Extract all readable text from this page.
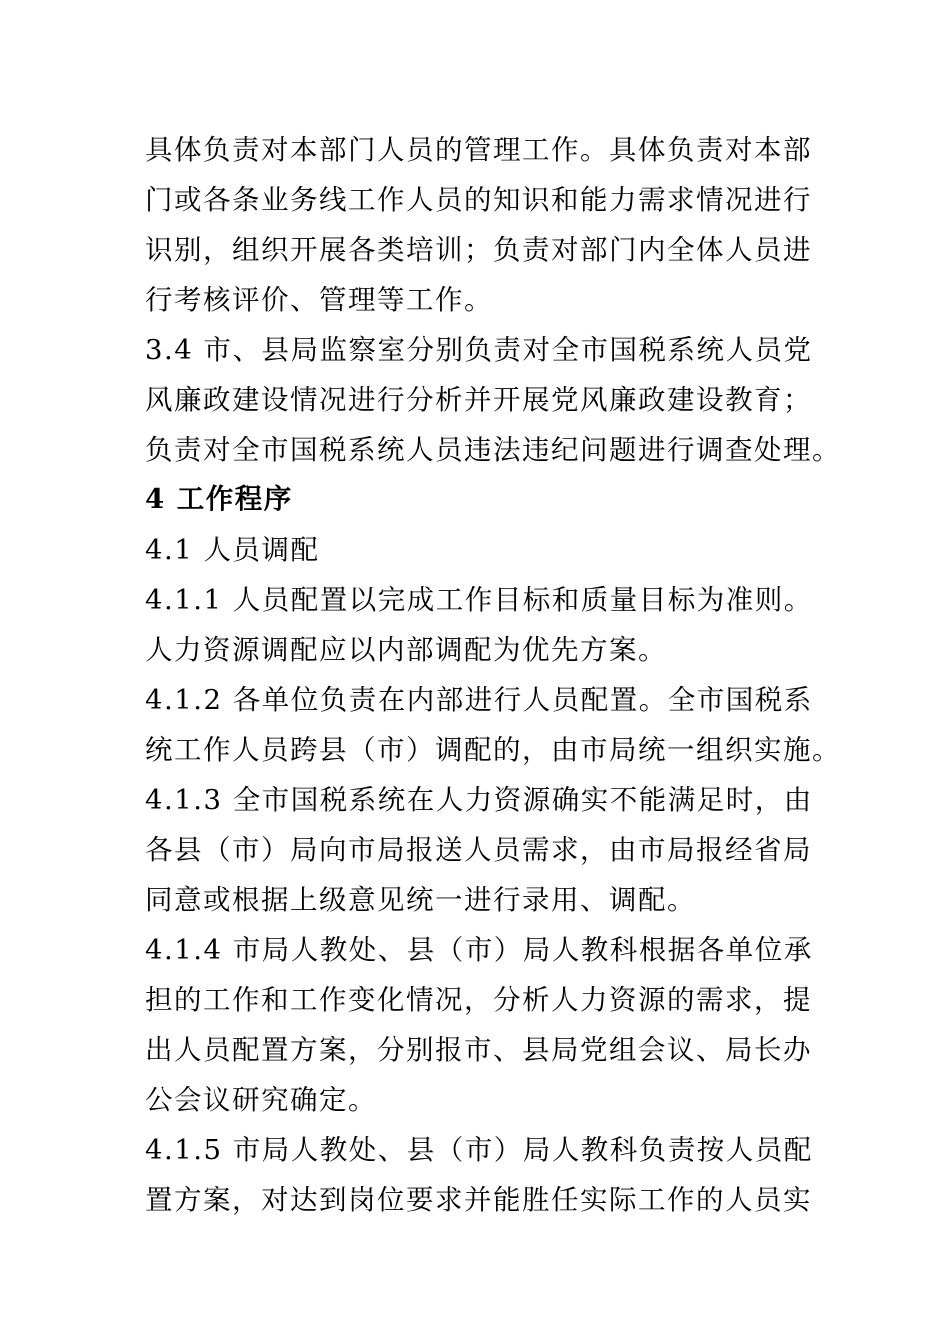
具体负责对本部门人员的管理工作。具体负责对本部
门或各条业务线工作人员的知识和能力需求情况进行
识别，组织开展各类培训；负责对部门内全体人员进
行考核评价、管理等工作。
3.4 市、县局监察室分别负责对全市国税系统人员党
风廉政建设情况进行分析并开展党风廉政建设教育；
负责对全市国税系统人员违法违纪问题进行调查处理。
4 工作程序
4.1 人员调配
4.1.1 人员配置以完成工作目标和质量目标为准则。
人力资源调配应以内部调配为优先方案。
4.1.2 各单位负责在内部进行人员配置。全市国税系
统工作人员跨县（市）调配的，由市局统一组织实施。
4.1.3 全市国税系统在人力资源确实不能满足时，由
各县（市）局向市局报送人员需求，由市局报经省局
同意或根据上级意见统一进行录用、调配。
4.1.4 市局人教处、县（市）局人教科根据各单位承
担的工作和工作变化情况，分析人力资源的需求，提
出人员配置方案，分别报市、县局党组会议、局长办
公会议研究确定。
4.1.5 市局人教处、县（市）局人教科负责按人员配
置方案，对达到岗位要求并能胜任实际工作的人员实
